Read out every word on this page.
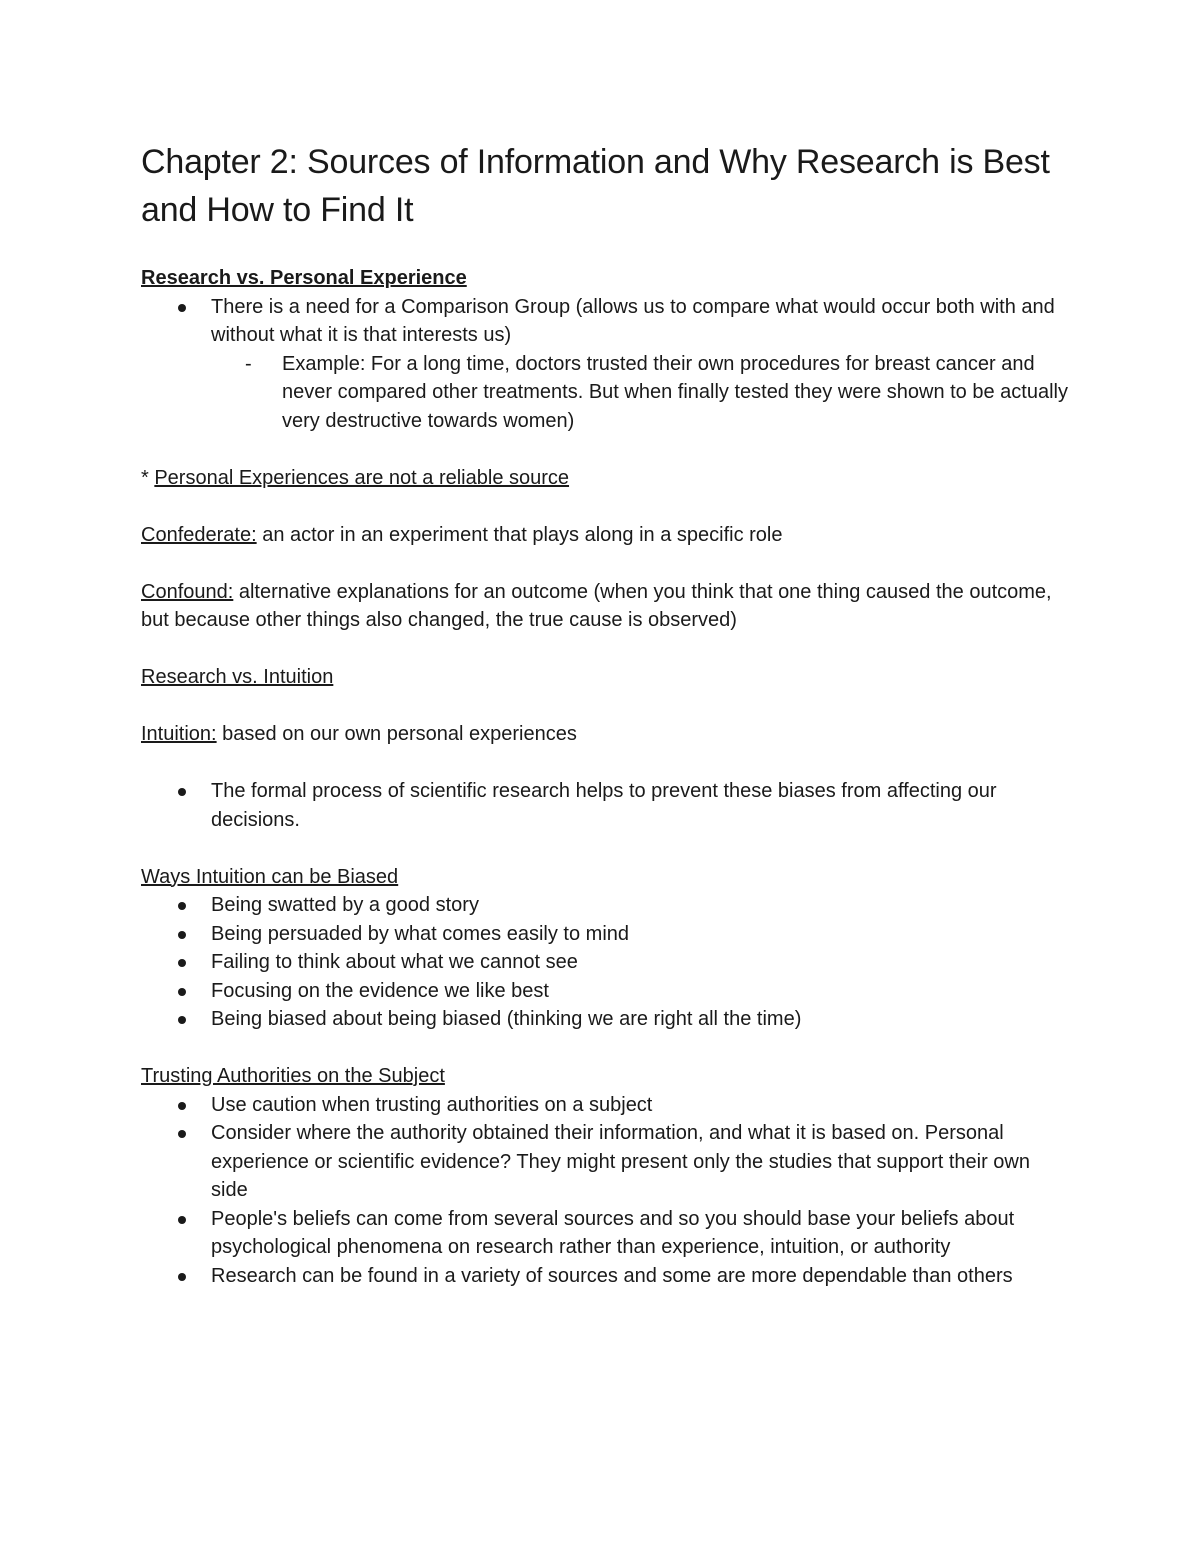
Chapter 2: Sources of Information and Why Research is Best and How to Find It

Research vs. Personal Experience

There is a need for a Comparison Group (allows us to compare what would occur both with and without what it is that interests us)
- Example: For a long time, doctors trusted their own procedures for breast cancer and never compared other treatments. But when finally tested they were shown to be actually very destructive towards women)

* Personal Experiences are not a reliable source

Confederate: an actor in an experiment that plays along in a specific role

Confound: alternative explanations for an outcome (when you think that one thing caused the outcome, but because other things also changed, the true cause is observed)

Research vs. Intuition

Intuition: based on our own personal experiences

The formal process of scientific research helps to prevent these biases from affecting our decisions.

Ways Intuition can be Biased

Being swatted by a good story
Being persuaded by what comes easily to mind
Failing to think about what we cannot see
Focusing on the evidence we like best
Being biased about being biased (thinking we are right all the time)

Trusting Authorities on the Subject

Use caution when trusting authorities on a subject
Consider where the authority obtained their information, and what it is based on. Personal experience or scientific evidence? They might present only the studies that support their own side
People's beliefs can come from several sources and so you should base your beliefs about psychological phenomena on research rather than experience, intuition, or authority
Research can be found in a variety of sources and some are more dependable than others
